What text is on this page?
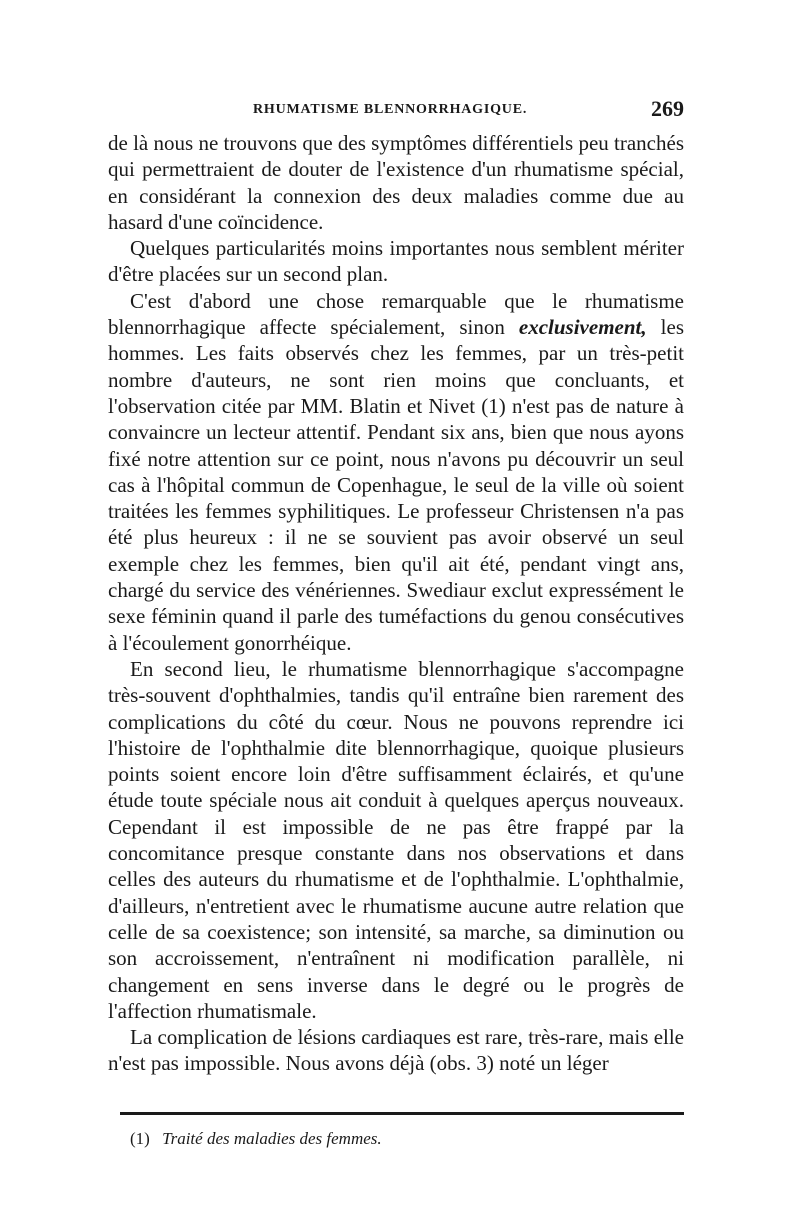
RHUMATISME BLENNORRHAGIQUE.	269

de là nous ne trouvons que des symptômes différentiels peu tranchés qui permettraient de douter de l'existence d'un rhumatisme spécial, en considérant la connexion des deux maladies comme due au hasard d'une coïncidence.

Quelques particularités moins importantes nous semblent mériter d'être placées sur un second plan.

C'est d'abord une chose remarquable que le rhumatisme blennorrhagique affecte spécialement, sinon exclusivement, les hommes. Les faits observés chez les femmes, par un très-petit nombre d'auteurs, ne sont rien moins que concluants, et l'observation citée par MM. Blatin et Nivet (1) n'est pas de nature à convaincre un lecteur attentif. Pendant six ans, bien que nous ayons fixé notre attention sur ce point, nous n'avons pu découvrir un seul cas à l'hôpital commun de Copenhague, le seul de la ville où soient traitées les femmes syphilitiques. Le professeur Christensen n'a pas été plus heureux : il ne se souvient pas avoir observé un seul exemple chez les femmes, bien qu'il ait été, pendant vingt ans, chargé du service des vénériennes. Swediaur exclut expressément le sexe féminin quand il parle des tuméfactions du genou consécutives à l'écoulement gonorrhéique.

En second lieu, le rhumatisme blennorrhagique s'accompagne très-souvent d'ophthalmies, tandis qu'il entraîne bien rarement des complications du côté du cœur. Nous ne pouvons reprendre ici l'histoire de l'ophthalmie dite blennorrhagique, quoique plusieurs points soient encore loin d'être suffisamment éclairés, et qu'une étude toute spéciale nous ait conduit à quelques aperçus nouveaux. Cependant il est impossible de ne pas être frappé par la concomitance presque constante dans nos observations et dans celles des auteurs du rhumatisme et de l'ophthalmie. L'ophthalmie, d'ailleurs, n'entretient avec le rhumatisme aucune autre relation que celle de sa coexistence; son intensité, sa marche, sa diminution ou son accroissement, n'entraînent ni modification parallèle, ni changement en sens inverse dans le degré ou le progrès de l'affection rhumatismale.

La complication de lésions cardiaques est rare, très-rare, mais elle n'est pas impossible. Nous avons déjà (obs. 3) noté un léger

(1) Traité des maladies des femmes.
